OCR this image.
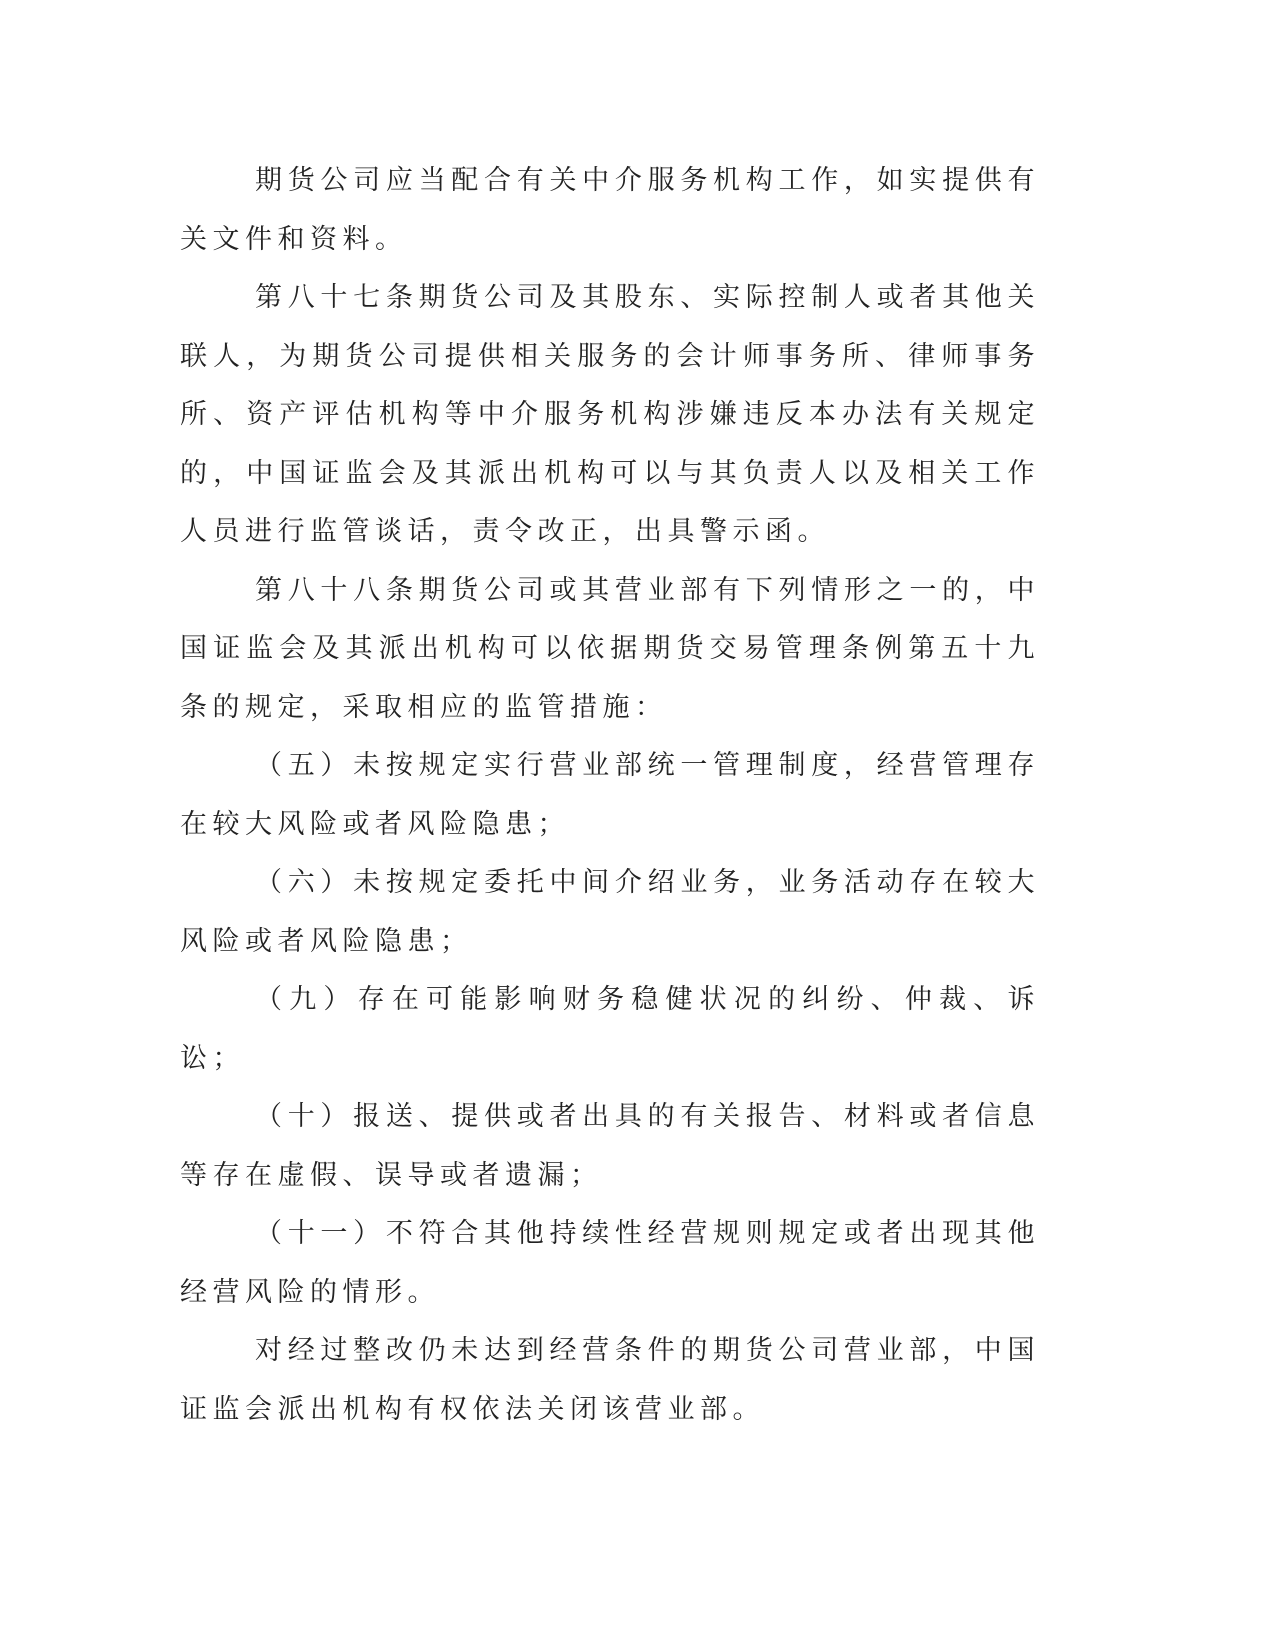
期货公司应当配合有关中介服务机构工作，如实提供有关文件和资料。

第八十七条期货公司及其股东、实际控制人或者其他关联人，为期货公司提供相关服务的会计师事务所、律师事务所、资产评估机构等中介服务机构涉嫌违反本办法有关规定的，中国证监会及其派出机构可以与其负责人以及相关工作人员进行监管谈话，责令改正，出具警示函。

第八十八条期货公司或其营业部有下列情形之一的，中国证监会及其派出机构可以依据期货交易管理条例第五十九条的规定，采取相应的监管措施：

（五）未按规定实行营业部统一管理制度，经营管理存在较大风险或者风险隐患；

（六）未按规定委托中间介绍业务，业务活动存在较大风险或者风险隐患；

（九）存在可能影响财务稳健状况的纠纷、仲裁、诉讼；

（十）报送、提供或者出具的有关报告、材料或者信息等存在虚假、误导或者遗漏；

（十一）不符合其他持续性经营规则规定或者出现其他经营风险的情形。

对经过整改仍未达到经营条件的期货公司营业部，中国证监会派出机构有权依法关闭该营业部。
